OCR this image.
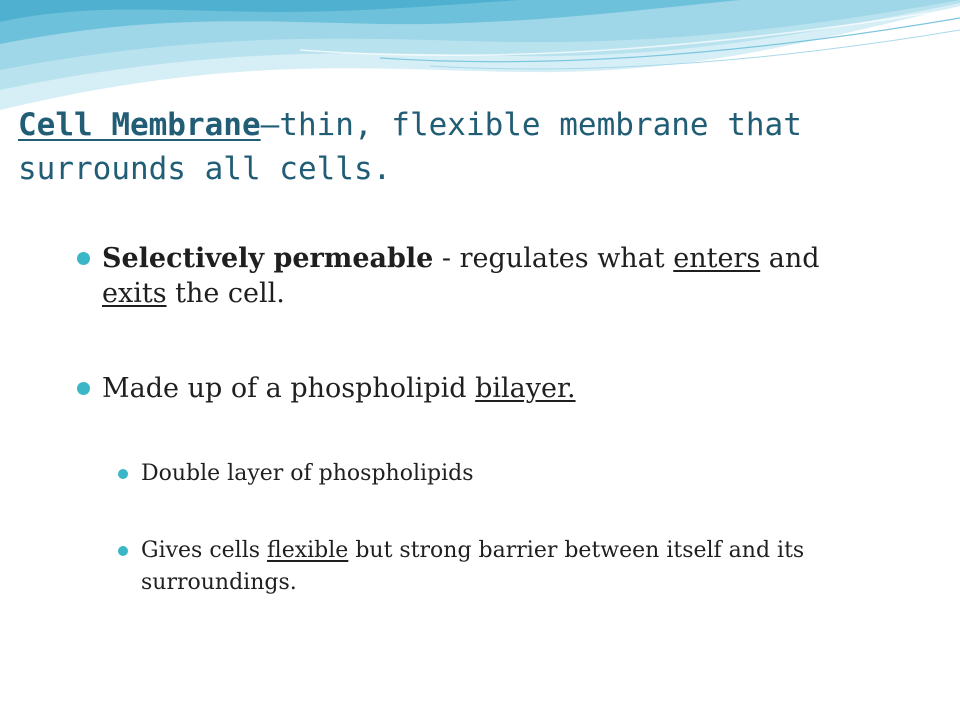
Cell Membrane—thin, flexible membrane that surrounds all cells.
Selectively permeable - regulates what enters and exits the cell.
Made up of a phospholipid bilayer.
Double layer of phospholipids
Gives cells flexible but strong barrier between itself and its surroundings.
